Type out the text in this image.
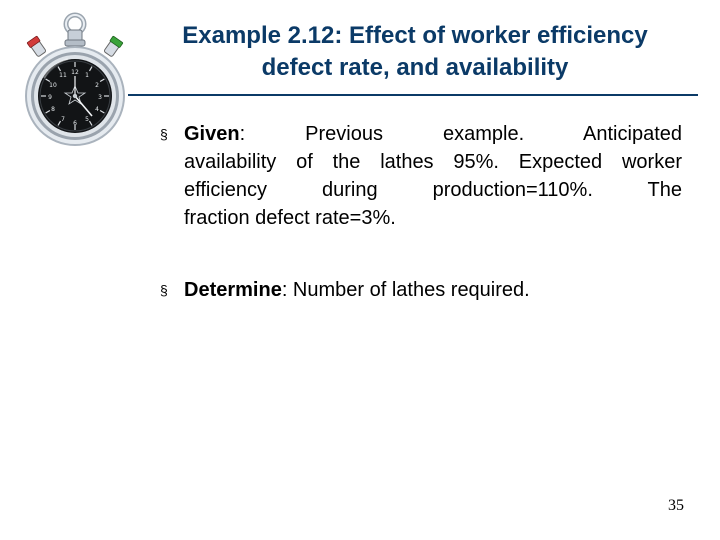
12 1
2
3
4
5
6
7
8
9
10
11
Example 2.12: Effect of worker efficiency
defect rate, and availability
§ Given: Previous example. Anticipated
availability of the lathes 95%. Expected worker
efficiency during production=110%. The
fraction defect rate=3%.
§ Determine: Number of lathes required.
35
